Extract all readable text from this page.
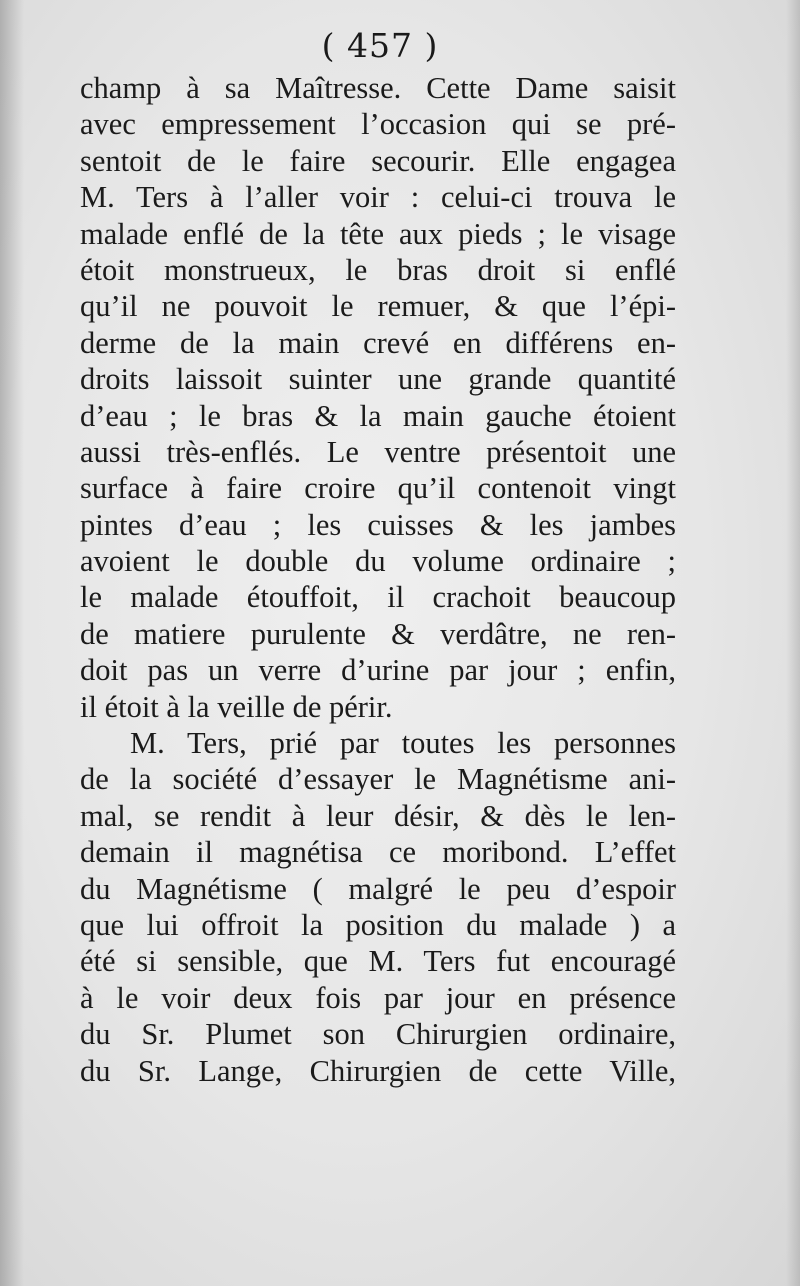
( 457 )
champ à sa Maîtresse. Cette Dame saisit
avec empressement l’occasion qui se pré-
sentoit de le faire secourir. Elle engagea
M. Ters à l’aller voir : celui-ci trouva le
malade enflé de la tête aux pieds ; le visage
étoit monstrueux, le bras droit si enflé
qu’il ne pouvoit le remuer, & que l’épi-
derme de la main crevé en différens en-
droits laissoit suinter une grande quantité
d’eau ; le bras & la main gauche étoient
aussi très-enflés. Le ventre présentoit une
surface à faire croire qu’il contenoit vingt
pintes d’eau ; les cuisses & les jambes
avoient le double du volume ordinaire ;
le malade étouffoit, il crachoit beaucoup
de matiere purulente & verdâtre, ne ren-
doit pas un verre d’urine par jour ; enfin,
il étoit à la veille de périr.
M. Ters, prié par toutes les personnes
de la société d’essayer le Magnétisme ani-
mal, se rendit à leur désir, & dès le len-
demain il magnétisa ce moribond. L’effet
du Magnétisme ( malgré le peu d’espoir
que lui offroit la position du malade ) a
été si sensible, que M. Ters fut encouragé
à le voir deux fois par jour en présence
du Sr. Plumet son Chirurgien ordinaire,
du Sr. Lange, Chirurgien de cette Ville,
